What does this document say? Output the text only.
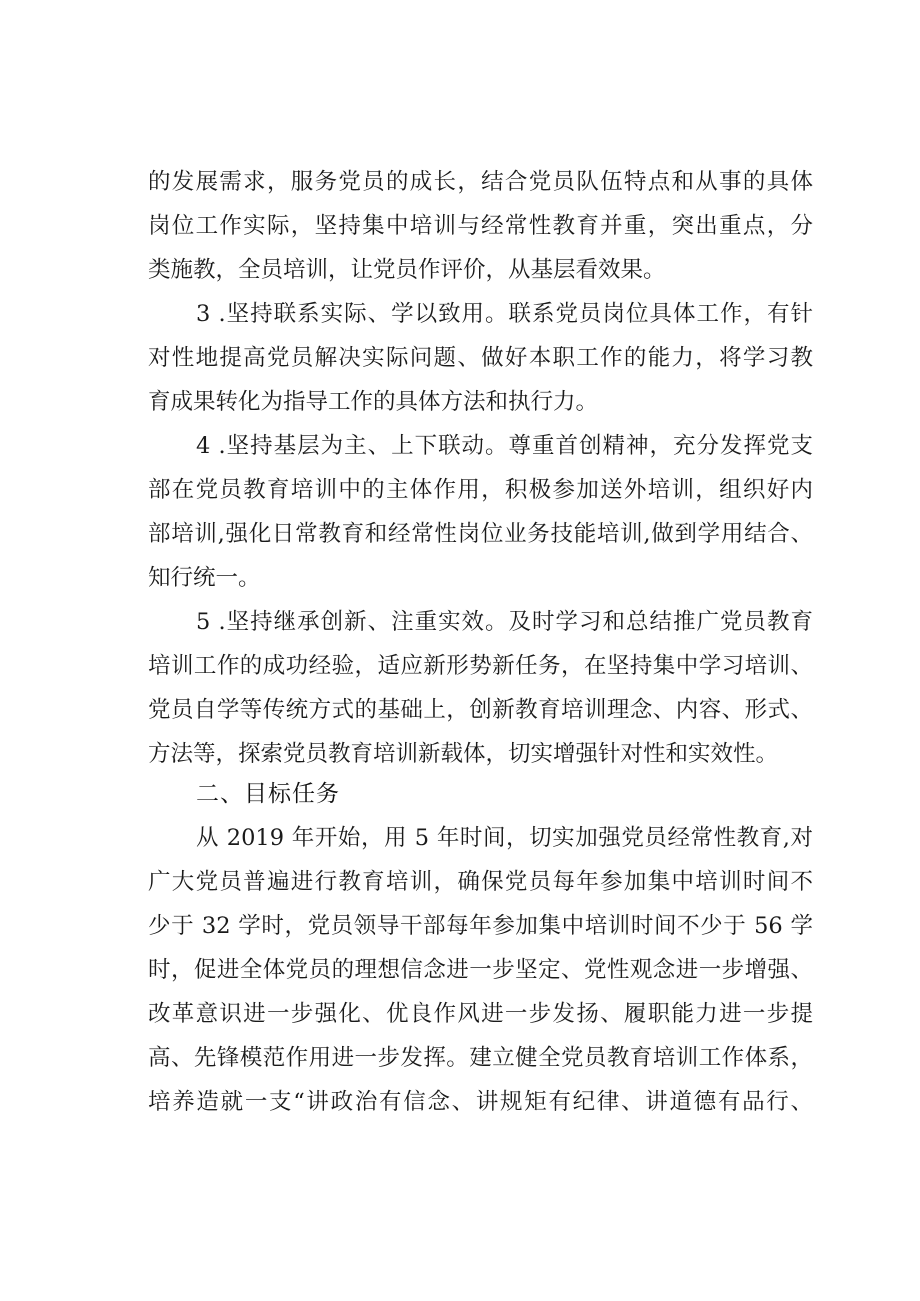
的发展需求，服务党员的成长，结合党员队伍特点和从事的具体
岗位工作实际，坚持集中培训与经常性教育并重，突出重点，分
类施教，全员培训，让党员作评价，从基层看效果。
3 .坚持联系实际、学以致用。联系党员岗位具体工作，有针
对性地提高党员解决实际问题、做好本职工作的能力，将学习教
育成果转化为指导工作的具体方法和执行力。
4 .坚持基层为主、上下联动。尊重首创精神，充分发挥党支
部在党员教育培训中的主体作用，积极参加送外培训，组织好内
部培训,强化日常教育和经常性岗位业务技能培训,做到学用结合、
知行统一。
5 .坚持继承创新、注重实效。及时学习和总结推广党员教育
培训工作的成功经验，适应新形势新任务，在坚持集中学习培训、
党员自学等传统方式的基础上，创新教育培训理念、内容、形式、
方法等，探索党员教育培训新载体，切实增强针对性和实效性。
二、目标任务
从 2019 年开始，用 5 年时间，切实加强党员经常性教育,对
广大党员普遍进行教育培训，确保党员每年参加集中培训时间不
少于 32 学时，党员领导干部每年参加集中培训时间不少于 56 学
时，促进全体党员的理想信念进一步坚定、党性观念进一步增强、
改革意识进一步强化、优良作风进一步发扬、履职能力进一步提
高、先锋模范作用进一步发挥。建立健全党员教育培训工作体系，
培养造就一支“讲政治有信念、讲规矩有纪律、讲道德有品行、
